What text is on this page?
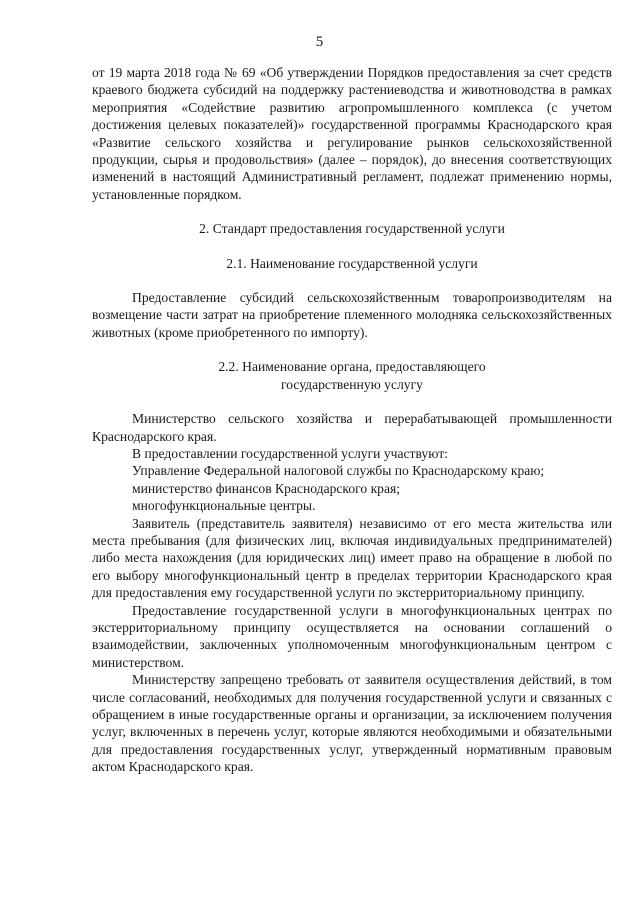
5

от 19 марта 2018 года № 69 «Об утверждении Порядков предоставления за счет средств краевого бюджета субсидий на поддержку растениеводства и животноводства в рамках мероприятия «Содействие развитию агропромышленного комплекса (с учетом достижения целевых показателей)» государственной программы Краснодарского края «Развитие сельского хозяйства и регулирование рынков сельскохозяйственной продукции, сырья и продовольствия» (далее – порядок), до внесения соответствующих изменений в настоящий Административный регламент, подлежат применению нормы, установленные порядком.

2. Стандарт предоставления государственной услуги

2.1. Наименование государственной услуги

Предоставление субсидий сельскохозяйственным товаропроизводителям на возмещение части затрат на приобретение племенного молодняка сельскохозяйственных животных (кроме приобретенного по импорту).

2.2. Наименование органа, предоставляющего
государственную услугу

Министерство сельского хозяйства и перерабатывающей промышленности Краснодарского края.

В предоставлении государственной услуги участвуют:

Управление Федеральной налоговой службы по Краснодарскому краю;

министерство финансов Краснодарского края;

многофункциональные центры.

Заявитель (представитель заявителя) независимо от его места жительства или места пребывания (для физических лиц, включая индивидуальных предпринимателей) либо места нахождения (для юридических лиц) имеет право на обращение в любой по его выбору многофункциональный центр в пределах территории Краснодарского края для предоставления ему государственной услуги по экстерриториальному принципу.

Предоставление государственной услуги в многофункциональных центрах по экстерриториальному принципу осуществляется на основании соглашений о взаимодействии, заключенных уполномоченным многофункциональным центром с министерством.

Министерству запрещено требовать от заявителя осуществления действий, в том числе согласований, необходимых для получения государственной услуги и связанных с обращением в иные государственные органы и организации, за исключением получения услуг, включенных в перечень услуг, которые являются необходимыми и обязательными для предоставления государственных услуг, утвержденный нормативным правовым актом Краснодарского края.
